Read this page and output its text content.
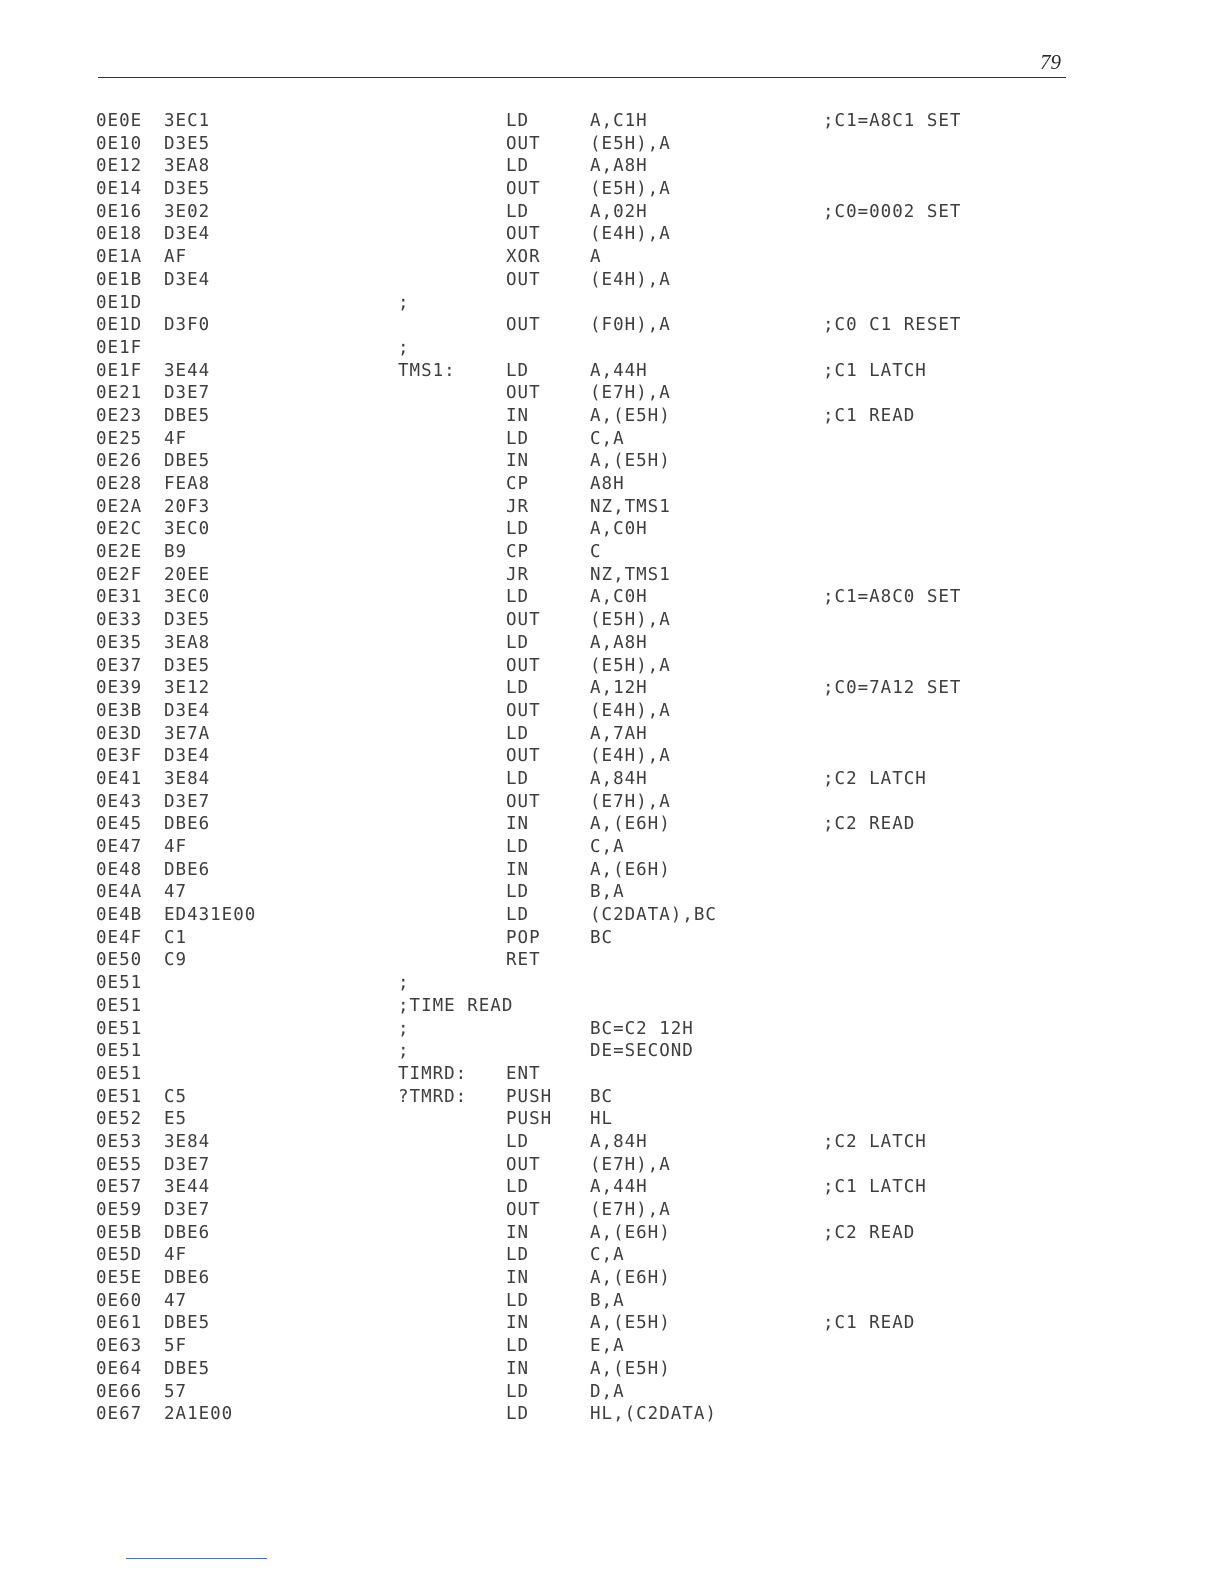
79
0E0E 3EC1	LD	A,C1H	;C1=A8C1 SET
0E10 D3E5	OUT	(E5H),A
0E12 3EA8	LD	A,A8H
0E14 D3E5	OUT	(E5H),A
0E16 3E02	LD	A,02H	;C0=0002 SET
0E18 D3E4	OUT	(E4H),A
0E1A AF	XOR	A
0E1B D3E4	OUT	(E4H),A
0E1D	;
0E1D D3F0	OUT	(F0H),A	;C0 C1 RESET
0E1F	;
0E1F 3E44	TMS1:	LD	A,44H	;C1 LATCH
0E21 D3E7	OUT	(E7H),A
0E23 DBE5	IN	A,(E5H)	;C1 READ
0E25 4F	LD	C,A
0E26 DBE5	IN	A,(E5H)
0E28 FEA8	CP	A8H
0E2A 20F3	JR	NZ,TMS1
0E2C 3EC0	LD	A,C0H
0E2E B9	CP	C
0E2F 20EE	JR	NZ,TMS1
0E31 3EC0	LD	A,C0H	;C1=A8C0 SET
0E33 D3E5	OUT	(E5H),A
0E35 3EA8	LD	A,A8H
0E37 D3E5	OUT	(E5H),A
0E39 3E12	LD	A,12H	;C0=7A12 SET
0E3B D3E4	OUT	(E4H),A
0E3D 3E7A	LD	A,7AH
0E3F D3E4	OUT	(E4H),A
0E41 3E84	LD	A,84H	;C2 LATCH
0E43 D3E7	OUT	(E7H),A
0E45 DBE6	IN	A,(E6H)	;C2 READ
0E47 4F	LD	C,A
0E48 DBE6	IN	A,(E6H)
0E4A 47	LD	B,A
0E4B ED431E00	LD	(C2DATA),BC
0E4F C1	POP	BC
0E50 C9	RET
0E51	;
0E51	;TIME READ
0E51	;	BC=C2 12H
0E51	;	DE=SECOND
0E51	TIMRD: ENT
0E51 C5	?TMRD: PUSH BC
0E52 E5	PUSH HL
0E53 3E84	LD	A,84H	;C2 LATCH
0E55 D3E7	OUT	(E7H),A
0E57 3E44	LD	A,44H	;C1 LATCH
0E59 D3E7	OUT	(E7H),A
0E5B DBE6	IN	A,(E6H)	;C2 READ
0E5D 4F	LD	C,A
0E5E DBE6	IN	A,(E6H)
0E60 47	LD	B,A
0E61 DBE5	IN	A,(E5H)	;C1 READ
0E63 5F	LD	E,A
0E64 DBE5	IN	A,(E5H)
0E66 57	LD	D,A
0E67 2A1E00	LD	HL,(C2DATA)
